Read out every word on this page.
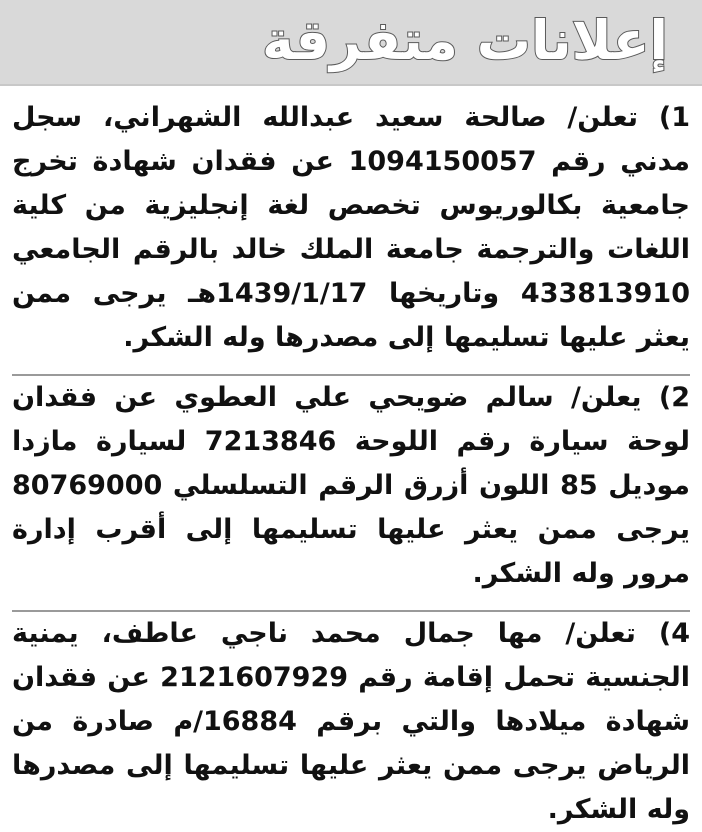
إعلانات متفرقة
1) تعلن/ صالحة سعيد عبدالله الشهراني، سجل مدني رقم 1094150057 عن فقدان شهادة تخرج جامعية بكالوريوس تخصص لغة إنجليزية من كلية اللغات والترجمة جامعة الملك خالد بالرقم الجامعي 433813910 وتاريخها 1439/1/17هـ يرجى ممن يعثر عليها تسليمها إلى مصدرها وله الشكر.
2) يعلن/ سالم ضويحي علي العطوي عن فقدان لوحة سيارة رقم اللوحة 7213846 لسيارة مازدا موديل 85 اللون أزرق الرقم التسلسلي 80769000 يرجى ممن يعثر عليها تسليمها إلى أقرب إدارة مرور وله الشكر.
4) تعلن/ مها جمال محمد ناجي عاطف، يمنية الجنسية تحمل إقامة رقم 2121607929 عن فقدان شهادة ميلادها والتي برقم 16884/م صادرة من الرياض يرجى ممن يعثر عليها تسليمها إلى مصدرها وله الشكر.
